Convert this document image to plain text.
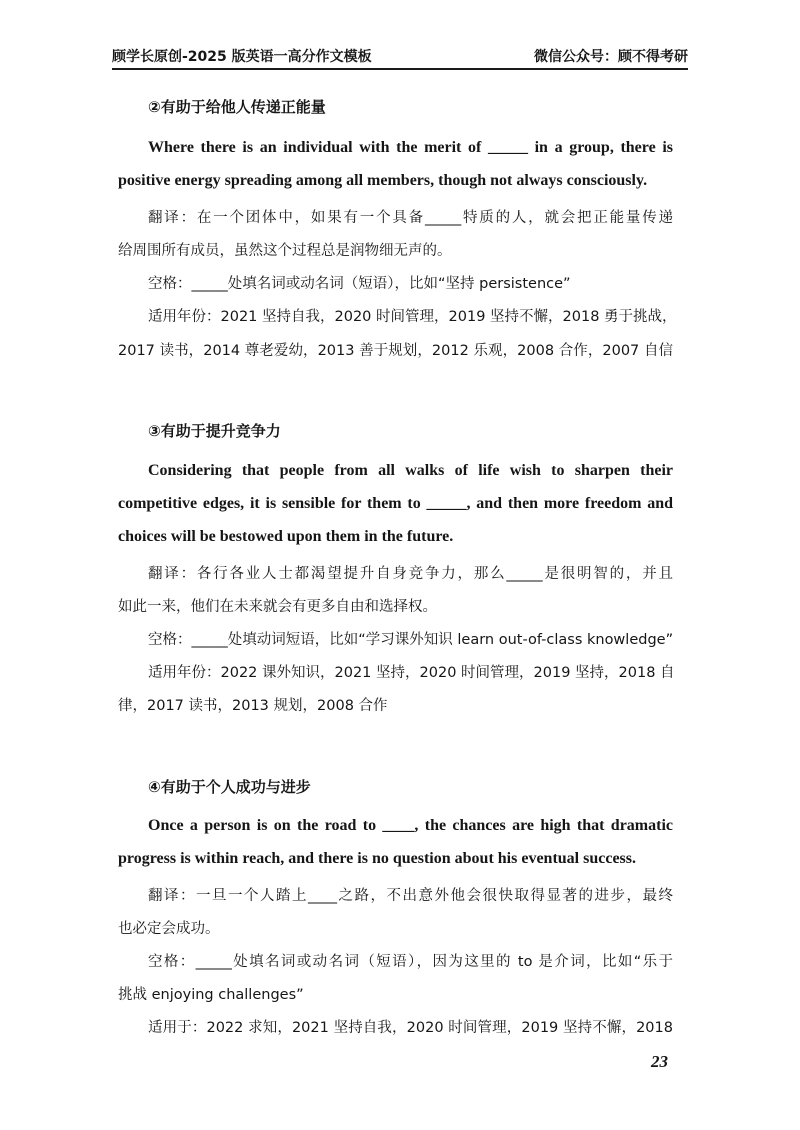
顾学长原创-2025 版英语一高分作文模板	微信公众号：顾不得考研
②有助于给他人传递正能量
Where there is an individual with the merit of _____ in a group, there is
positive energy spreading among all members, though not always consciously.
翻译：在一个团体中，如果有一个具备_____特质的人，就会把正能量传递
给周围所有成员，虽然这个过程总是润物细无声的。
空格：_____处填名词或动名词（短语），比如“坚持 persistence”
适用年份：2021 坚持自我，2020 时间管理，2019 坚持不懈，2018 勇于挑战，
2017 读书，2014 尊老爱幼，2013 善于规划，2012 乐观，2008 合作，2007 自信
③有助于提升竞争力
Considering that people from all walks of life wish to sharpen their
competitive edges, it is sensible for them to _____, and then more freedom and
choices will be bestowed upon them in the future.
翻译：各行各业人士都渴望提升自身竞争力，那么_____是很明智的，并且
如此一来，他们在未来就会有更多自由和选择权。
空格：_____处填动词短语，比如“学习课外知识 learn out-of-class knowledge”
适用年份：2022 课外知识，2021 坚持，2020 时间管理，2019 坚持，2018 自
律，2017 读书，2013 规划，2008 合作
④有助于个人成功与进步
Once a person is on the road to ____, the chances are high that dramatic
progress is within reach, and there is no question about his eventual success.
翻译：一旦一个人踏上____之路，不出意外他会很快取得显著的进步，最终
也必定会成功。
空格：_____处填名词或动名词（短语），因为这里的 to 是介词，比如“乐于
挑战 enjoying challenges”
适用于：2022 求知，2021 坚持自我，2020 时间管理，2019 坚持不懈，2018
23
